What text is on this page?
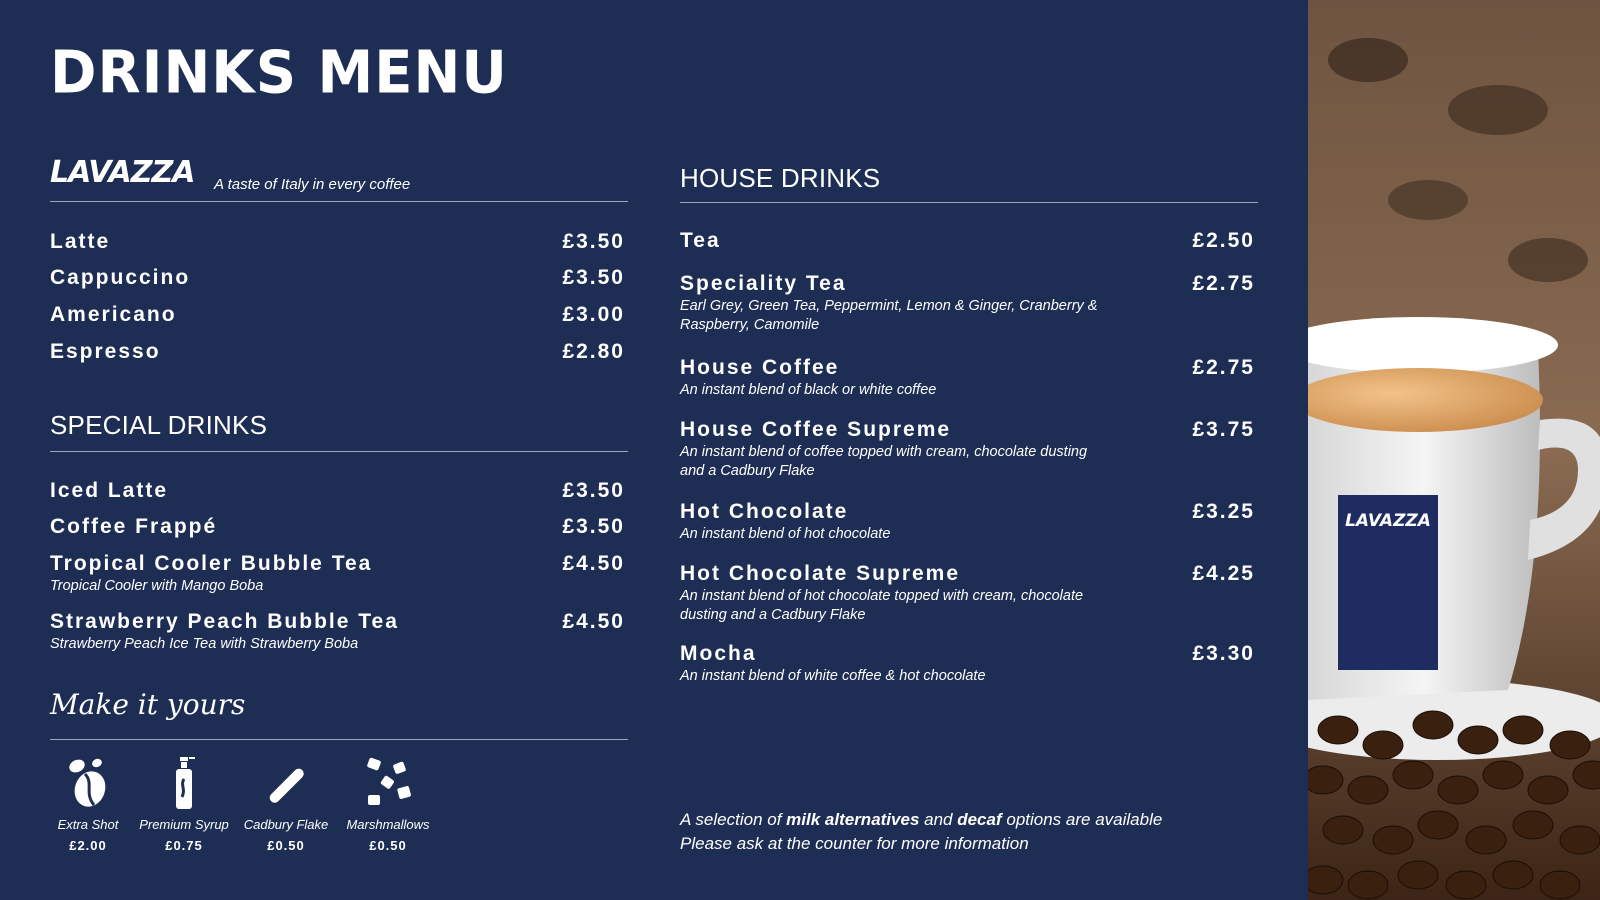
DRINKS MENU
LAVAZZA A taste of Italy in every coffee
Latte	£3.50
Cappuccino	£3.50
Americano	£3.00
Espresso	£2.80
SPECIAL DRINKS
Iced Latte	£3.50
Coffee Frappé	£3.50
Tropical Cooler Bubble Tea	£4.50
Tropical Cooler with Mango Boba
Strawberry Peach Bubble Tea	£4.50
Strawberry Peach Ice Tea with Strawberry Boba
Make it yours
Extra Shot
£2.00
Premium Syrup
£0.75
Cadbury Flake
£0.50
Marshmallows
£0.50
HOUSE DRINKS
Tea	£2.50
Speciality Tea	£2.75
Earl Grey, Green Tea, Peppermint, Lemon & Ginger, Cranberry & Raspberry, Camomile
House Coffee	£2.75
An instant blend of black or white coffee
House Coffee Supreme	£3.75
An instant blend of coffee topped with cream, chocolate dusting and a Cadbury Flake
Hot Chocolate	£3.25
An instant blend of hot chocolate
Hot Chocolate Supreme	£4.25
An instant blend of hot chocolate topped with cream, chocolate dusting and a Cadbury Flake
Mocha	£3.30
An instant blend of white coffee & hot chocolate
A selection of milk alternatives and decaf options are available
Please ask at the counter for more information
LAVAZZA
